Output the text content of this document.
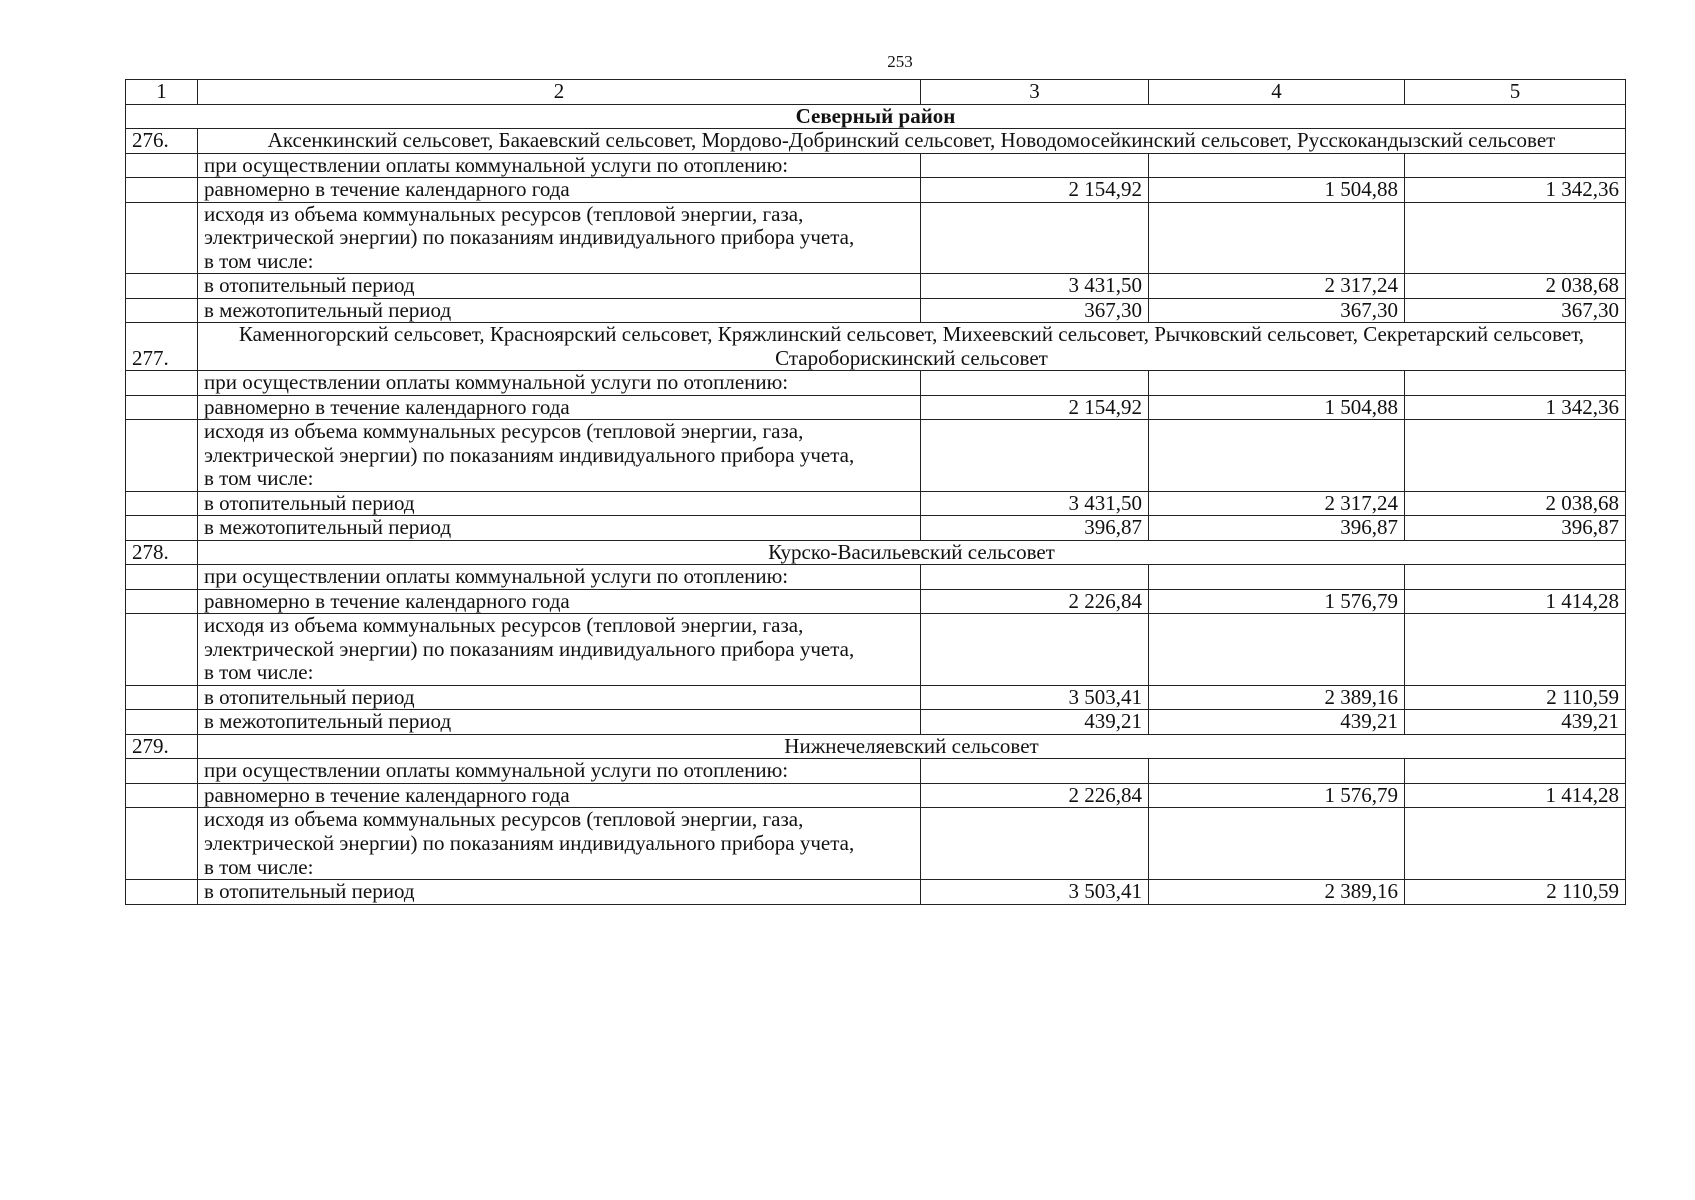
253
1	2	3	4	5
Северный район				
276.	Аксенкинский сельсовет, Бакаевский сельсовет, Мордово-Добринский сельсовет, Новодомосейкинский сельсовет, Русскокандызский сельсовет			
	при осуществлении оплаты коммунальной услуги по отоплению:			
	равномерно в течение календарного года	2 154,92	1 504,88	1 342,36
	исходя из объема коммунальных ресурсов (тепловой энергии, газа, электрической энергии) по показаниям индивидуального прибора учета, в том числе:			
	в отопительный период	3 431,50	2 317,24	2 038,68
	в межотопительный период	367,30	367,30	367,30
277.	Каменногорский сельсовет, Красноярский сельсовет, Кряжлинский сельсовет, Михеевский сельсовет, Рычковский сельсовет, Секретарский сельсовет, Староборискинский сельсовет			
	при осуществлении оплаты коммунальной услуги по отоплению:			
	равномерно в течение календарного года	2 154,92	1 504,88	1 342,36
	исходя из объема коммунальных ресурсов (тепловой энергии, газа, электрической энергии) по показаниям индивидуального прибора учета, в том числе:			
	в отопительный период	3 431,50	2 317,24	2 038,68
	в межотопительный период	396,87	396,87	396,87
278.	Курско-Васильевский сельсовет			
	при осуществлении оплаты коммунальной услуги по отоплению:			
	равномерно в течение календарного года	2 226,84	1 576,79	1 414,28
	исходя из объема коммунальных ресурсов (тепловой энергии, газа, электрической энергии) по показаниям индивидуального прибора учета, в том числе:			
	в отопительный период	3 503,41	2 389,16	2 110,59
	в межотопительный период	439,21	439,21	439,21
279.	Нижнечеляевский сельсовет			
	при осуществлении оплаты коммунальной услуги по отоплению:			
	равномерно в течение календарного года	2 226,84	1 576,79	1 414,28
	исходя из объема коммунальных ресурсов (тепловой энергии, газа, электрической энергии) по показаниям индивидуального прибора учета, в том числе:			
	в отопительный период	3 503,41	2 389,16	2 110,59
